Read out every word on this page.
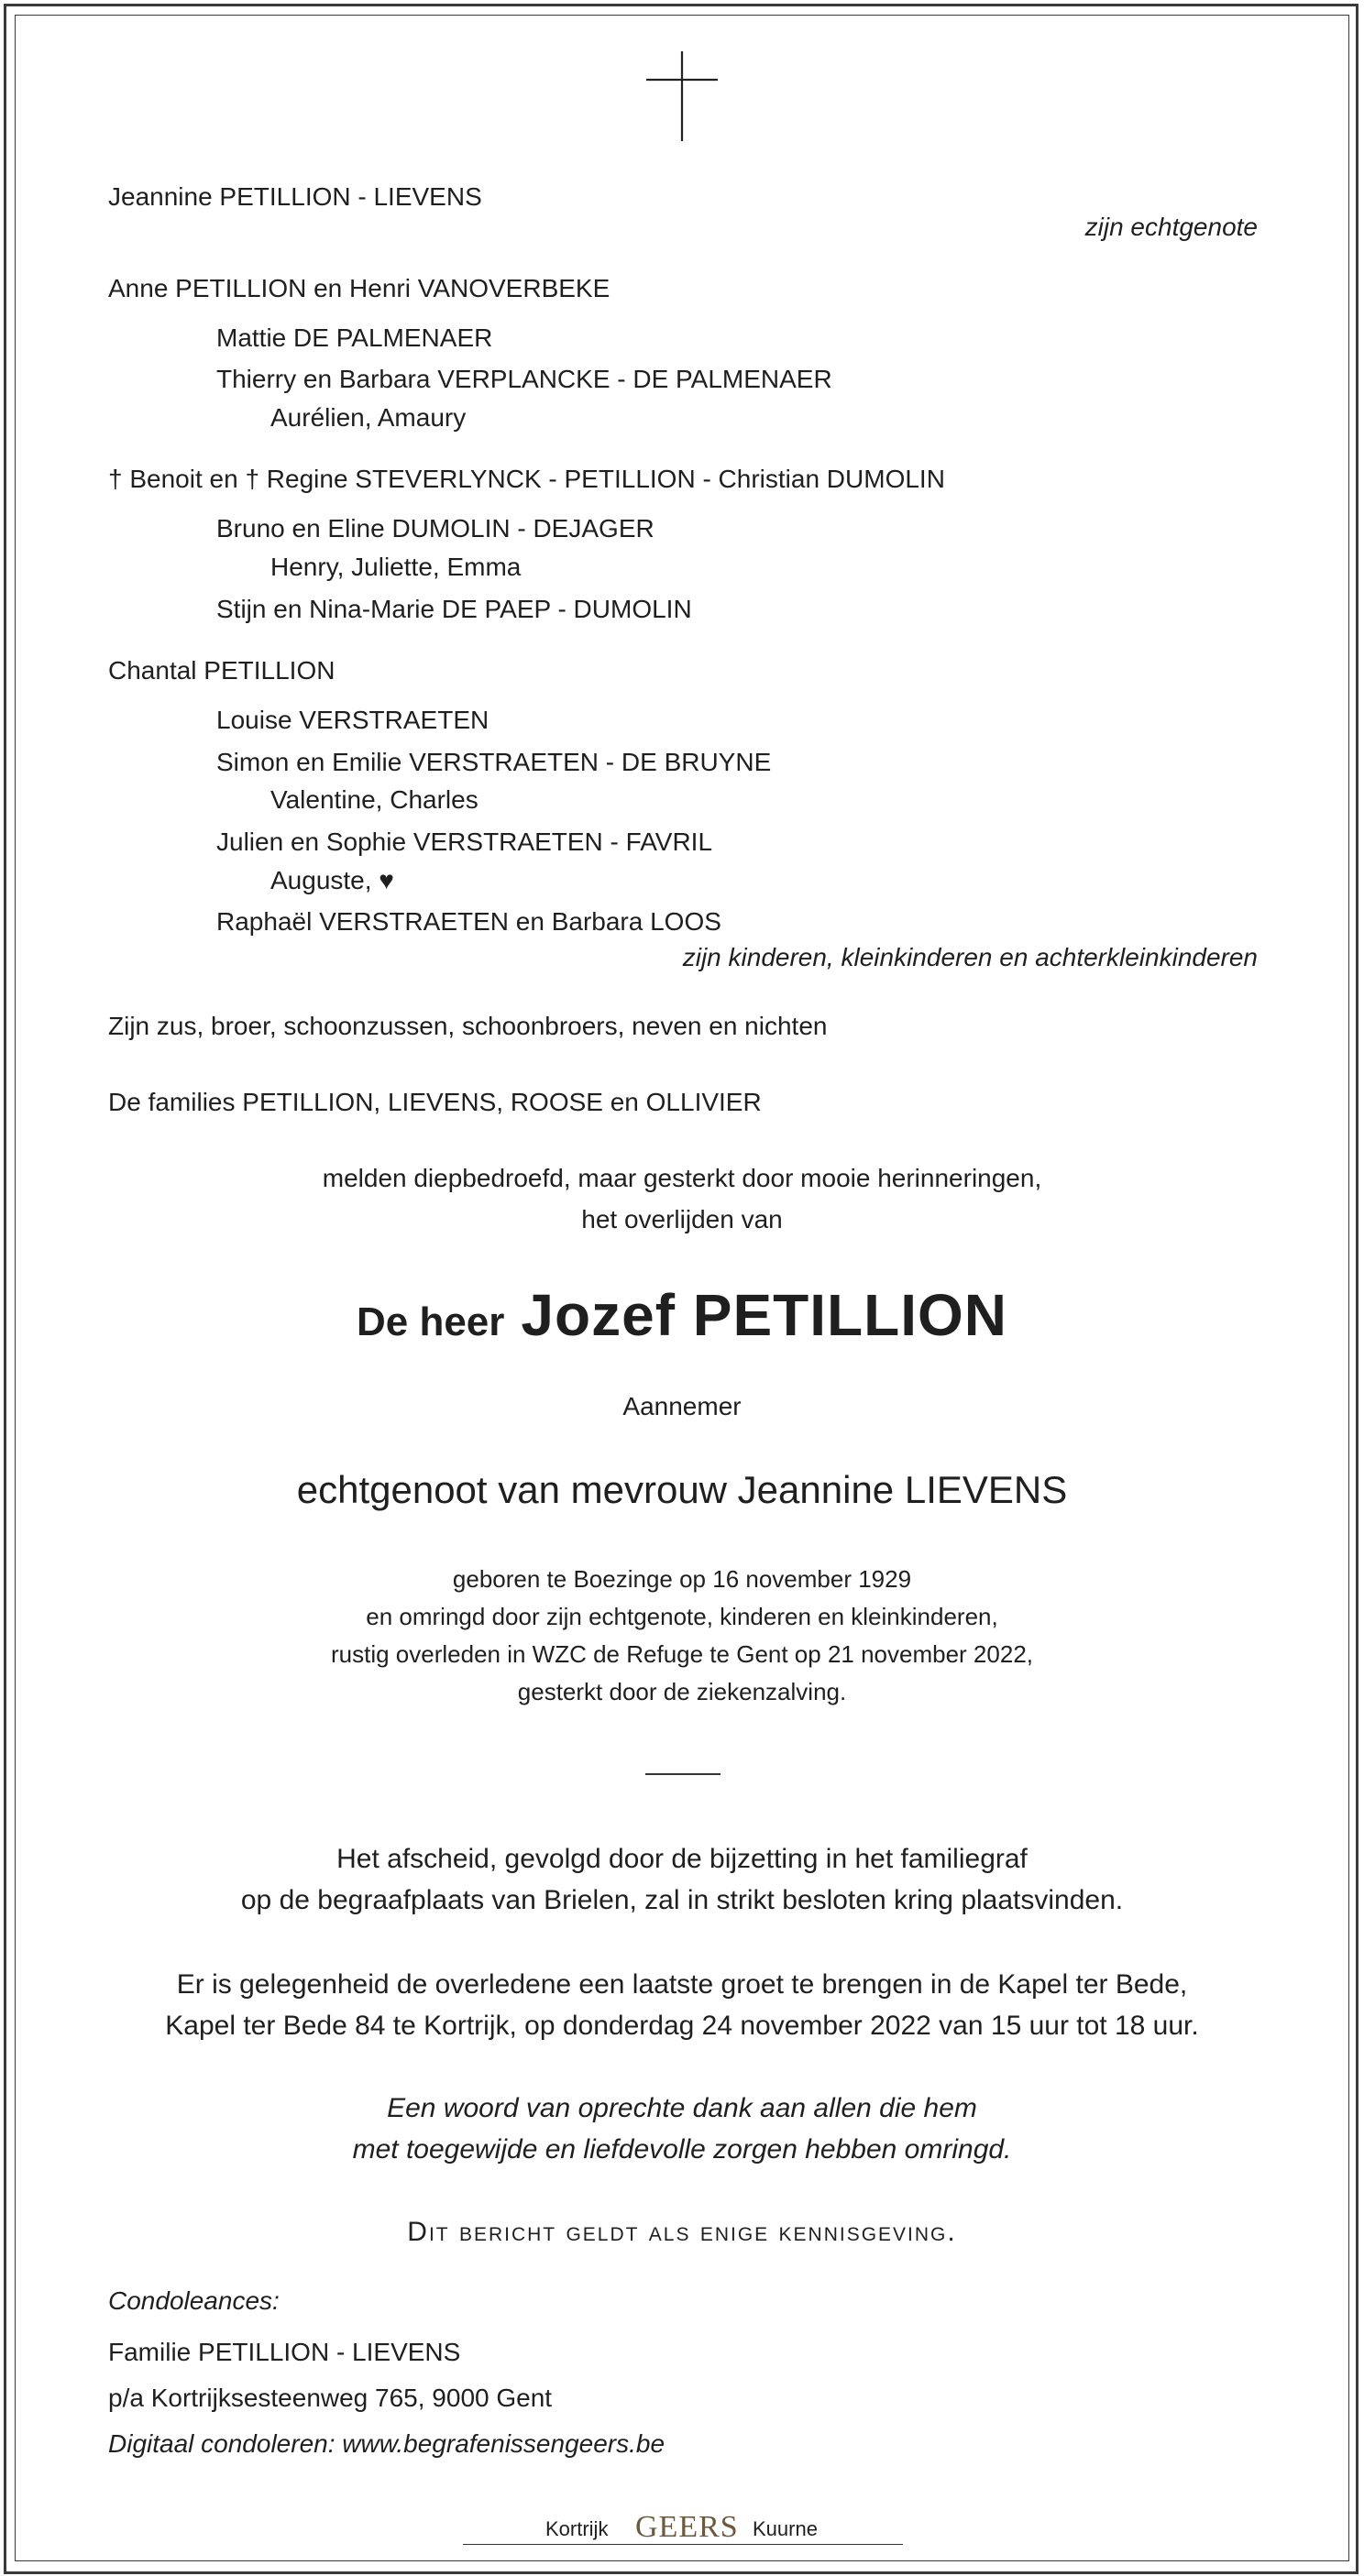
Jeannine PETILLION - LIEVENS
zijn echtgenote
Anne PETILLION en Henri VANOVERBEKE
Mattie DE PALMENAER
Thierry en Barbara VERPLANCKE - DE PALMENAER
Aurélien, Amaury
† Benoit en † Regine STEVERLYNCK - PETILLION - Christian DUMOLIN
Bruno en Eline DUMOLIN - DEJAGER
Henry, Juliette, Emma
Stijn en Nina-Marie DE PAEP - DUMOLIN
Chantal PETILLION
Louise VERSTRAETEN
Simon en Emilie VERSTRAETEN - DE BRUYNE
Valentine, Charles
Julien en Sophie VERSTRAETEN - FAVRIL
Auguste, ♥
Raphaël VERSTRAETEN en Barbara LOOS
zijn kinderen, kleinkinderen en achterkleinkinderen
Zijn zus, broer, schoonzussen, schoonbroers, neven en nichten
De families PETILLION, LIEVENS, ROOSE en OLLIVIER
melden diepbedroefd, maar gesterkt door mooie herinneringen,
het overlijden van
De heer Jozef PETILLION
Aannemer
echtgenoot van mevrouw Jeannine LIEVENS
geboren te Boezinge op 16 november 1929
en omringd door zijn echtgenote, kinderen en kleinkinderen,
rustig overleden in WZC de Refuge te Gent op 21 november 2022,
gesterkt door de ziekenzalving.
Het afscheid, gevolgd door de bijzetting in het familiegraf
op de begraafplaats van Brielen, zal in strikt besloten kring plaatsvinden.
Er is gelegenheid de overledene een laatste groet te brengen in de Kapel ter Bede,
Kapel ter Bede 84 te Kortrijk, op donderdag 24 november 2022 van 15 uur tot 18 uur.
Een woord van oprechte dank aan allen die hem
met toegewijde en liefdevolle zorgen hebben omringd.
Dit bericht geldt als enige kennisgeving.
Condoleances:
Familie PETILLION - LIEVENS
p/a Kortrijksesteenweg 765, 9000 Gent
Digitaal condoleren: www.begrafenissengeers.be
Kortrijk GEERS Kuurne
